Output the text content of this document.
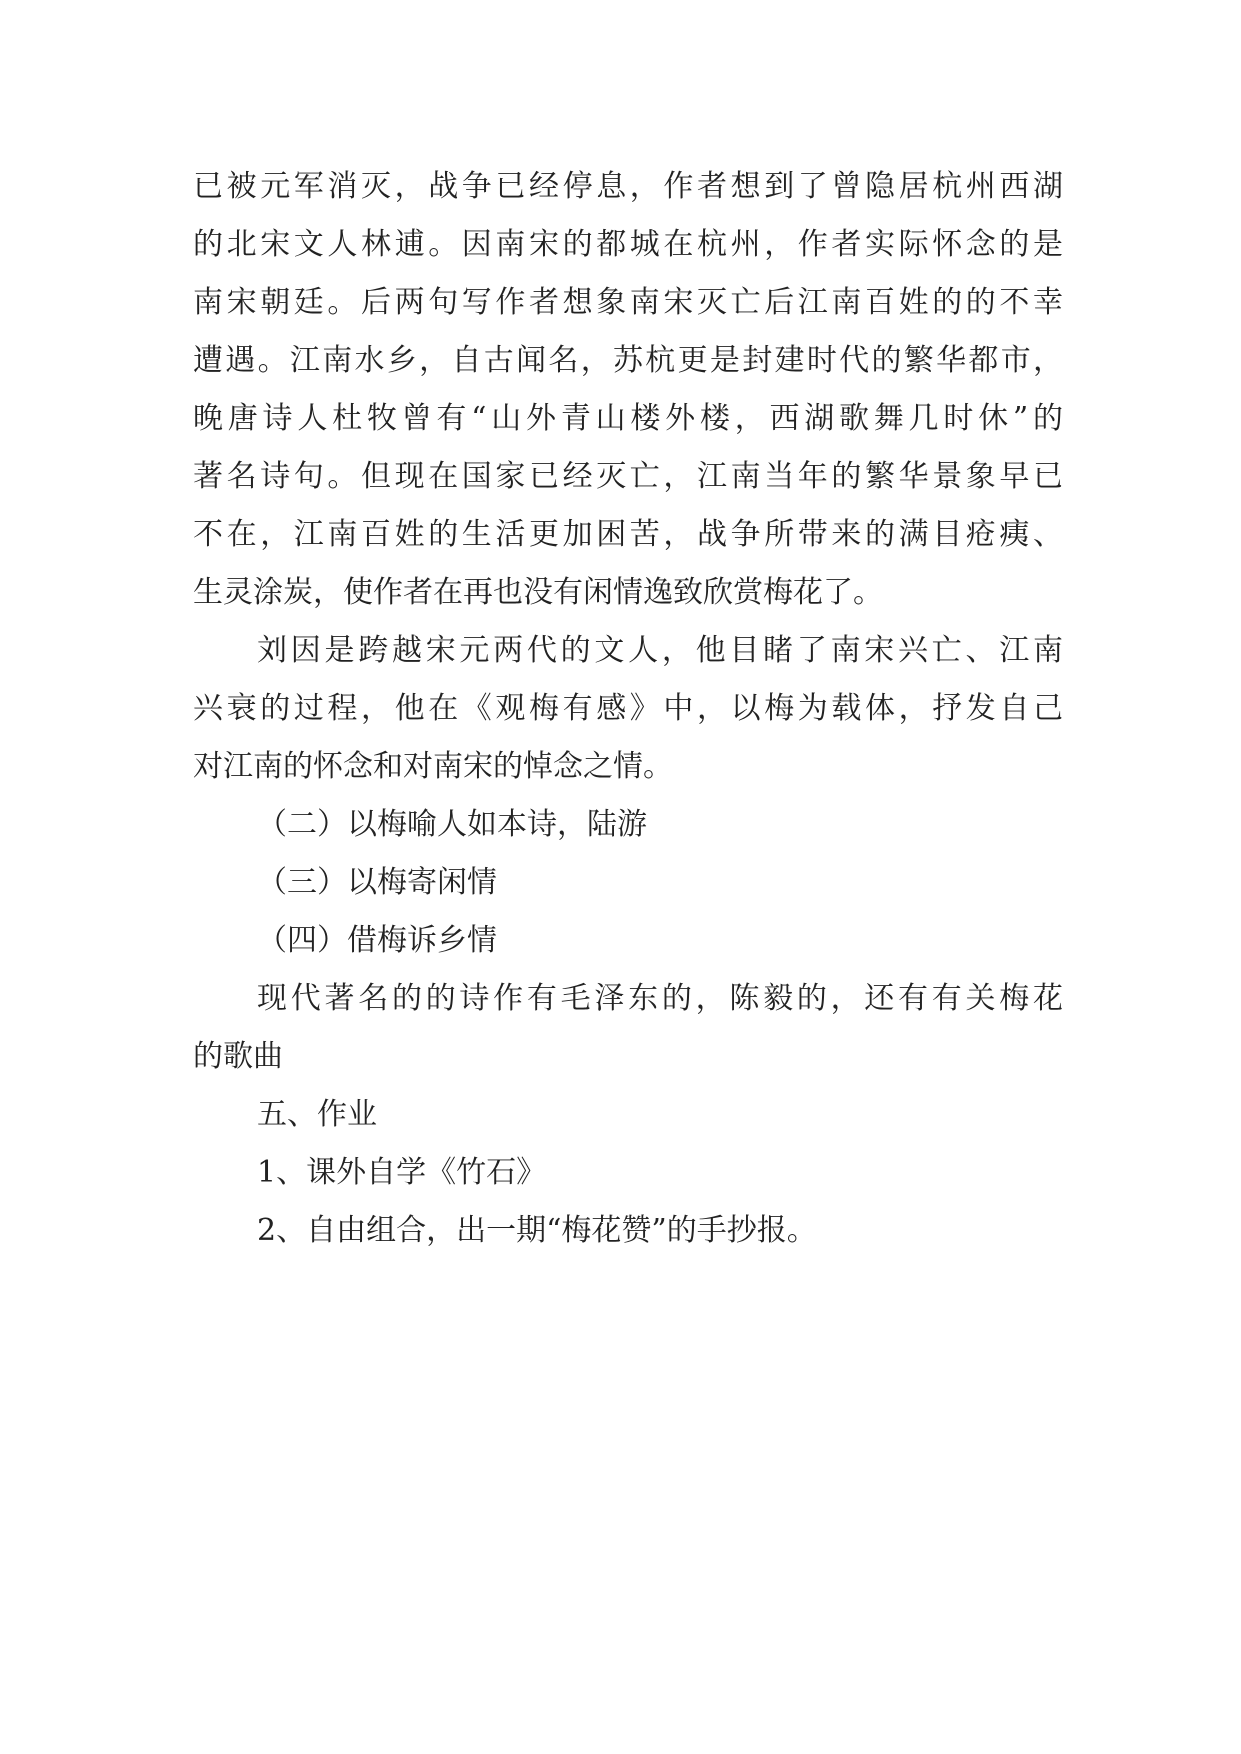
已被元军消灭，战争已经停息，作者想到了曾隐居杭州西湖
的北宋文人林逋。因南宋的都城在杭州，作者实际怀念的是
南宋朝廷。后两句写作者想象南宋灭亡后江南百姓的的不幸
遭遇。江南水乡，自古闻名，苏杭更是封建时代的繁华都市，
晚唐诗人杜牧曾有“山外青山楼外楼，西湖歌舞几时休”的
著名诗句。但现在国家已经灭亡，江南当年的繁华景象早已
不在，江南百姓的生活更加困苦，战争所带来的满目疮痍、
生灵涂炭，使作者在再也没有闲情逸致欣赏梅花了。
刘因是跨越宋元两代的文人，他目睹了南宋兴亡、江南
兴衰的过程，他在《观梅有感》中，以梅为载体，抒发自己
对江南的怀念和对南宋的悼念之情。
（二）以梅喻人如本诗，陆游
（三）以梅寄闲情
（四）借梅诉乡情
现代著名的的诗作有毛泽东的，陈毅的，还有有关梅花
的歌曲
五、作业
1、课外自学《竹石》
2、自由组合，出一期“梅花赞”的手抄报。
